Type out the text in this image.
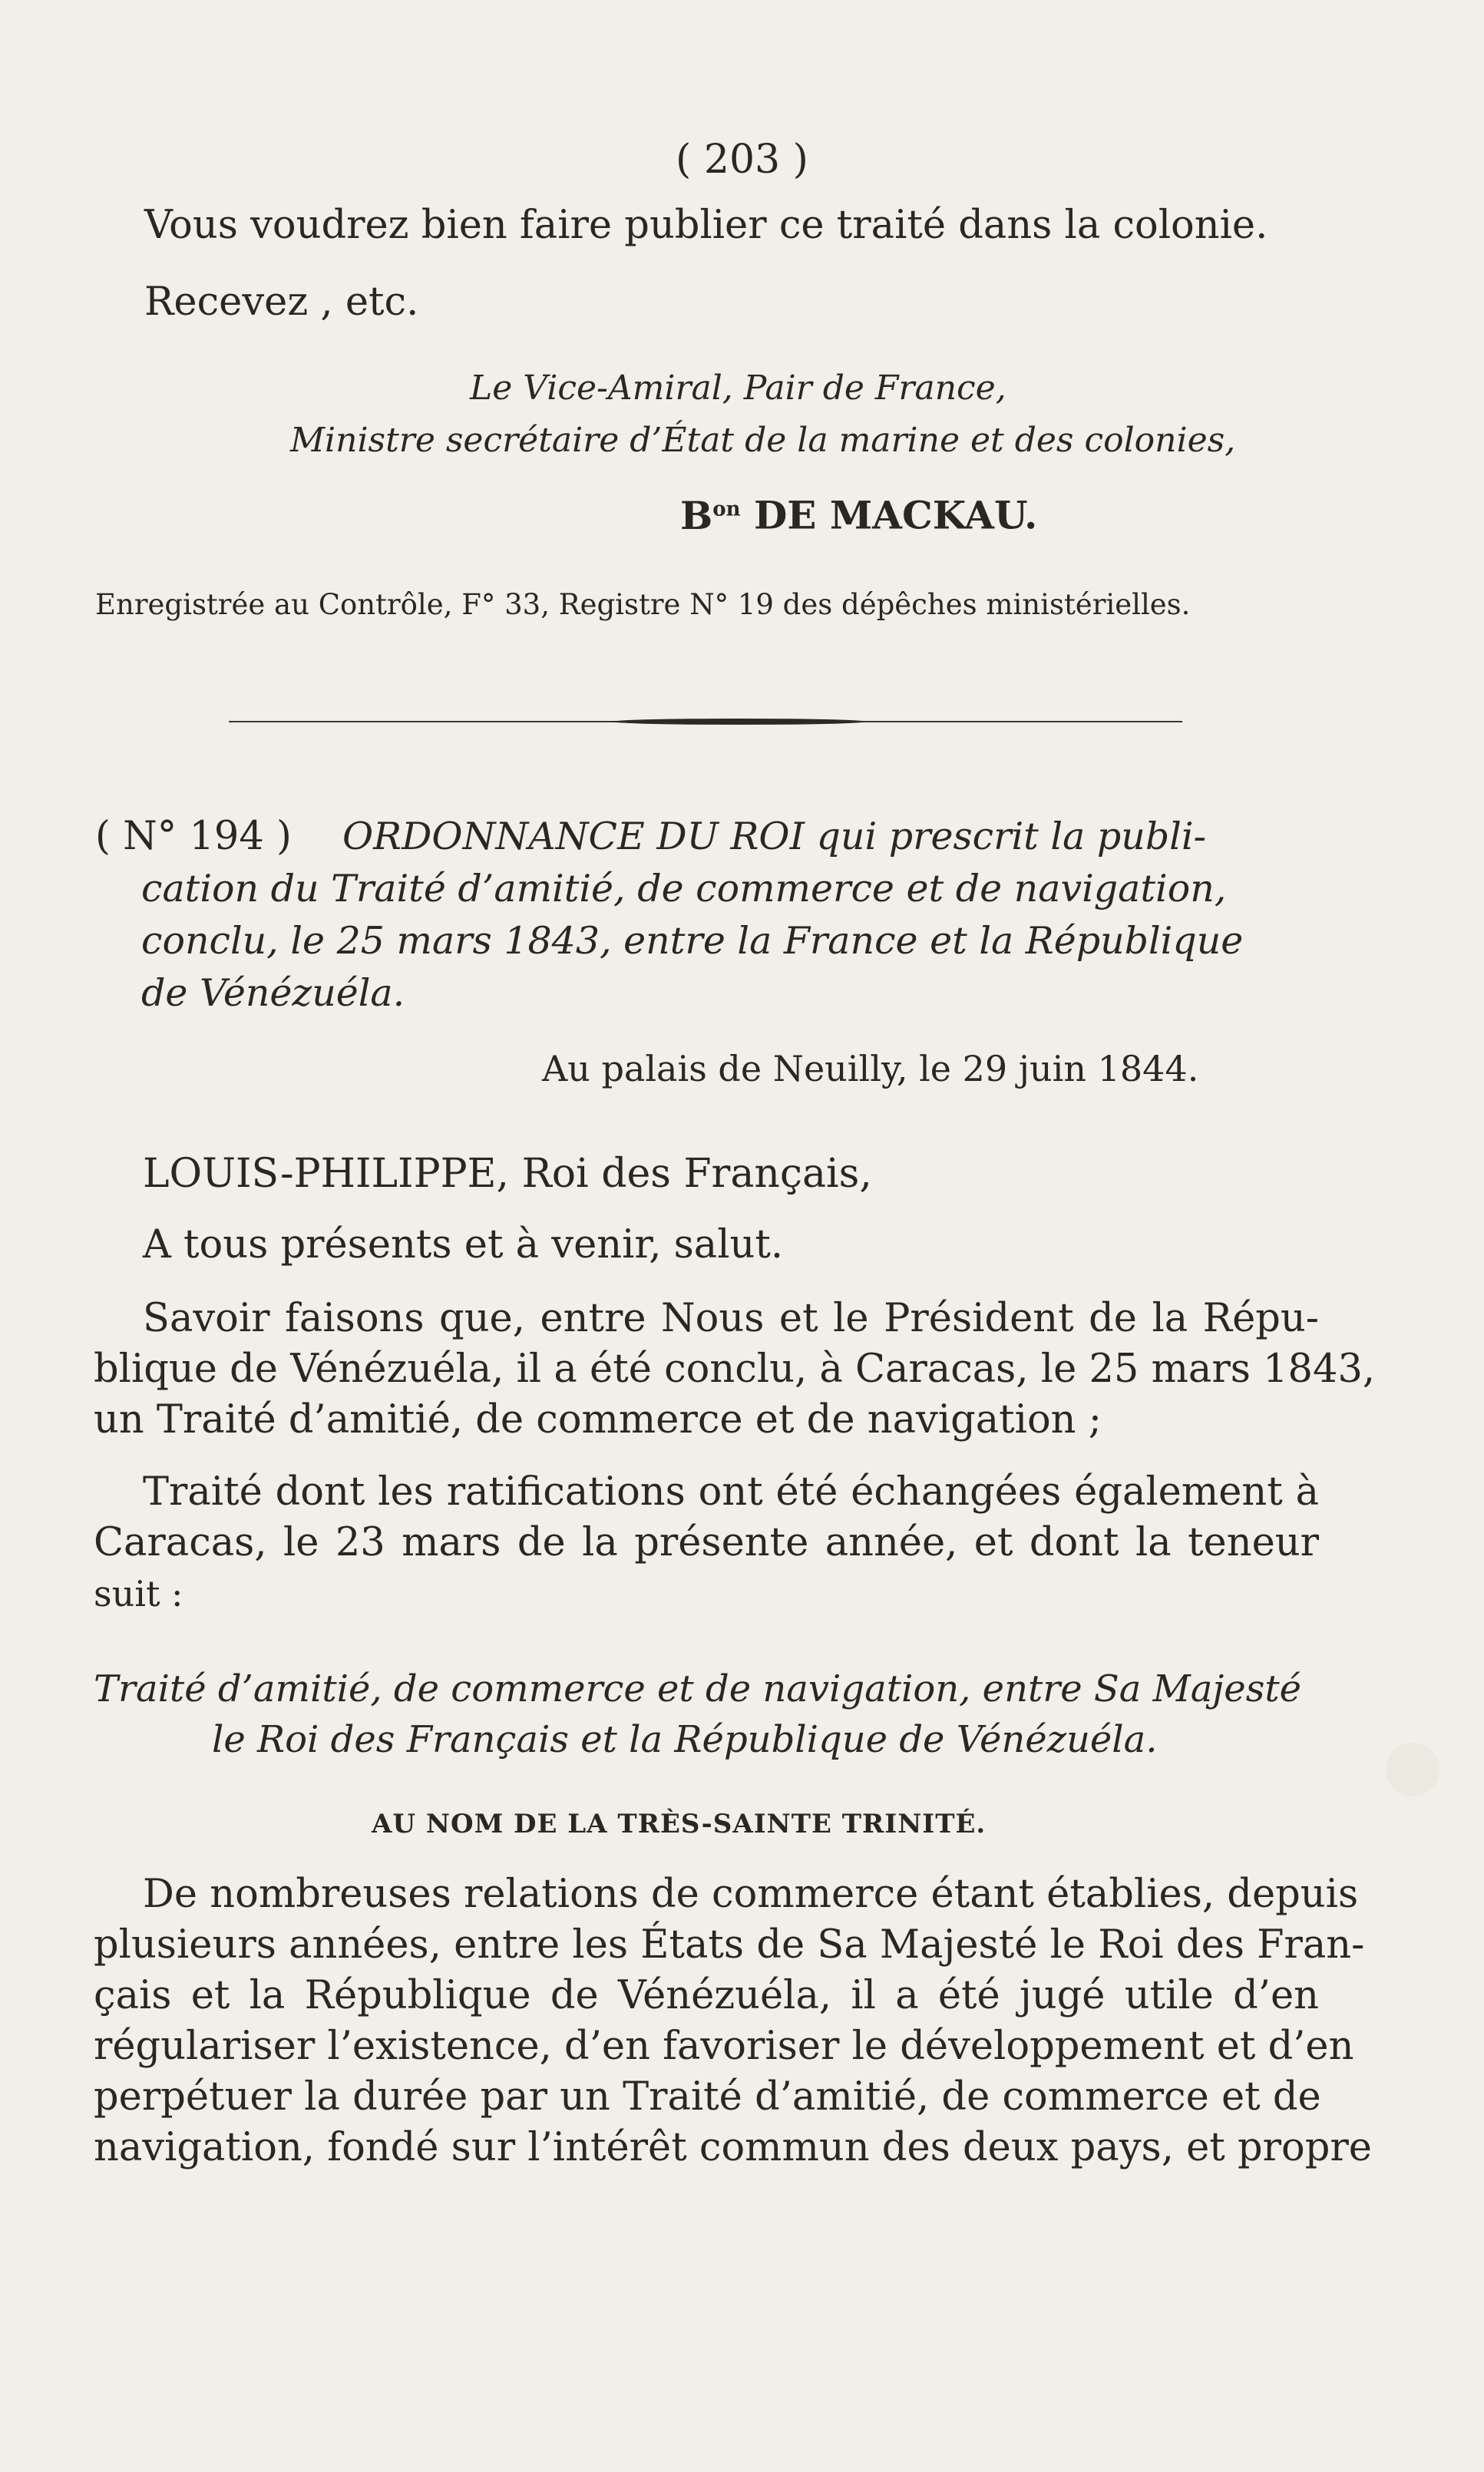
( 203 )
Vous voudrez bien faire publier ce traité dans la colonie.
Recevez , etc.
Le Vice-Amiral, Pair de France,
Ministre secrétaire d’État de la marine et des colonies,
$B^{on}$ DE MACKAU.
Enregistrée au Contrôle, F° 33, Registre N° 19 des dépêches ministérielles.
( N° 194 ) ORDONNANCE DU ROI qui prescrit la publi-
cation du Traité d’amitié, de commerce et de navigation,
conclu, le 25 mars 1843, entre la France et la République
de Vénézuéla.
Au palais de Neuilly, le 29 juin 1844.
LOUIS-PHILIPPE, Roi des Français,
A tous présents et à venir, salut.
Savoir faisons que, entre Nous et le Président de la Répu-
blique de Vénézuéla, il a été conclu, à Caracas, le 25 mars 1843,
un Traité d’amitié, de commerce et de navigation ;
Traité dont les ratifications ont été échangées également à
Caracas, le 23 mars de la présente année, et dont la teneur
suit :
Traité d’amitié, de commerce et de navigation, entre Sa Majesté
le Roi des Français et la République de Vénézuéla.
AU NOM DE LA TRÈS-SAINTE TRINITÉ.
De nombreuses relations de commerce étant établies, depuis
plusieurs années, entre les États de Sa Majesté le Roi des Fran-
çais et la République de Vénézuéla, il a été jugé utile d’en
régulariser l’existence, d’en favoriser le développement et d’en
perpétuer la durée par un Traité d’amitié, de commerce et de
navigation, fondé sur l’intérêt commun des deux pays, et propre
